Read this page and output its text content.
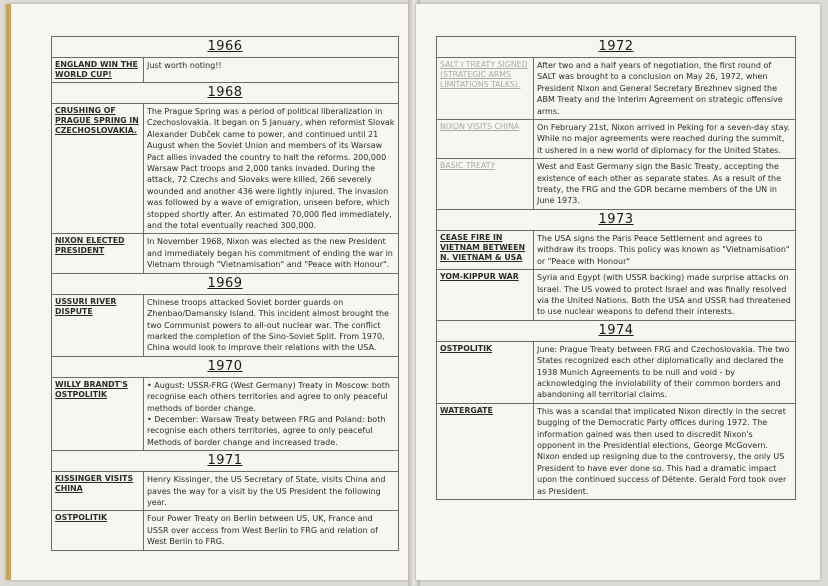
1966	
ENGLAND WIN THE WORLD CUP!	Just worth noting!!
1968	
CRUSHING OF PRAGUE SPRING IN CZECHOSLOVAKIA.	The Prague Spring was a period of political liberalization in Czechoslovakia. It began on 5 January, when reformist Slovak Alexander Dubček came to power, and continued until 21 August when the Soviet Union and members of its Warsaw Pact allies invaded the country to halt the reforms. 200,000 Warsaw Pact troops and 2,000 tanks invaded. During the attack, 72 Czechs and Slovaks were killed, 266 severely wounded and another 436 were lightly injured. The invasion was followed by a wave of emigration, unseen before, which stopped shortly after. An estimated 70,000 fled immediately, and the total eventually reached 300,000.
NIXON ELECTED PRESIDENT	In November 1968, Nixon was elected as the new President and immediately began his commitment of ending the war in Vietnam through "Vietnamisation" and "Peace with Honour".
1969	
USSURI RIVER DISPUTE	Chinese troops attacked Soviet border guards on Zhenbao/Damansky Island. This incident almost brought the two Communist powers to all-out nuclear war. The conflict marked the completion of the Sino-Soviet Split. From 1970, China would look to improve their relations with the USA.
1970	
WILLY BRANDT'S OSTPOLITIK	• August: USSR-FRG (West Germany) Treaty in Moscow: both recognise each others territories and agree to only peaceful methods of border change.
• December: Warsaw Treaty between FRG and Poland: both recognise each others territories, agree to only peaceful Methods of border change and increased trade.
1971	
KISSINGER VISITS CHINA	Henry Kissinger, the US Secretary of State, visits China and paves the way for a visit by the US President the following year.
OSTPOLITIK	Four Power Treaty on Berlin between US, UK, France and USSR over access from West Berlin to FRG and relation of West Berlin to FRG.
1972	
SALT I TREATY SIGNED (STRATEGIC ARMS LIMITATIONS TALKS).	After two and a half years of negotiation, the first round of SALT was brought to a conclusion on May 26, 1972, when President Nixon and General Secretary Brezhnev signed the ABM Treaty and the Interim Agreement on strategic offensive arms.
NIXON VISITS CHINA	On February 21st, Nixon arrived in Peking for a seven-day stay. While no major agreements were reached during the summit, it ushered in a new world of diplomacy for the United States.
BASIC TREATY	West and East Germany sign the Basic Treaty, accepting the existence of each other as separate states. As a result of the treaty, the FRG and the GDR became members of the UN in June 1973.
1973	
CEASE FIRE IN VIETNAM BETWEEN N. VIETNAM & USA	The USA signs the Paris Peace Settlement and agrees to withdraw its troops. This policy was known as "Vietnamisation" or "Peace with Honour"
YOM-KIPPUR WAR	Syria and Egypt (with USSR backing) made surprise attacks on Israel. The US vowed to protect Israel and was finally resolved via the United Nations. Both the USA and USSR had threatened to use nuclear weapons to defend their interests.
1974	
OSTPOLITIK	June: Prague Treaty between FRG and Czechoslovakia. The two States recognized each other diplomatically and declared the 1938 Munich Agreements to be null and void - by acknowledging the inviolability of their common borders and abandoning all territorial claims.
WATERGATE	This was a scandal that implicated Nixon directly in the secret bugging of the Democratic Party offices during 1972. The information gained was then used to discredit Nixon's opponent in the Presidential elections, George McGovern. Nixon ended up resigning due to the controversy, the only US President to have ever done so. This had a dramatic impact upon the continued success of Détente. Gerald Ford took over as President.
